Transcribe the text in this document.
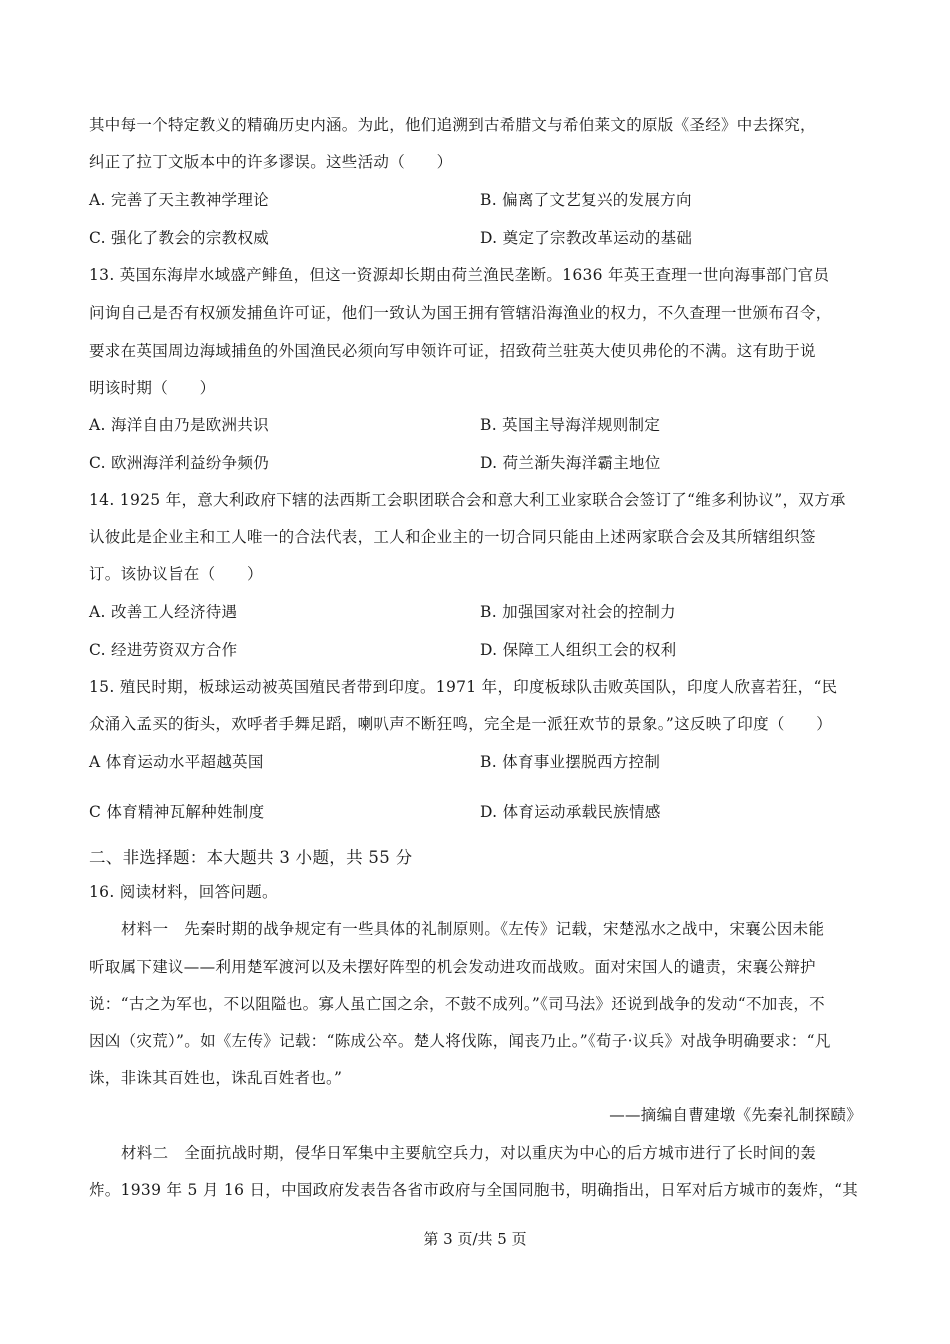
其中每一个特定教义的精确历史内涵。为此，他们追溯到古希腊文与希伯莱文的原版《圣经》中去探究，
纠正了拉丁文版本中的许多谬误。这些活动（　　）
A. 完善了天主教神学理论	B. 偏离了文艺复兴的发展方向
C. 强化了教会的宗教权威	D. 奠定了宗教改革运动的基础
13. 英国东海岸水域盛产鲱鱼，但这一资源却长期由荷兰渔民垄断。1636 年英王查理一世向海事部门官员
问询自己是否有权颁发捕鱼许可证，他们一致认为国王拥有管辖沿海渔业的权力，不久查理一世颁布召令，
要求在英国周边海域捕鱼的外国渔民必须向写申领许可证，招致荷兰驻英大使贝弗伦的不满。这有助于说
明该时期（　　）
A. 海洋自由乃是欧洲共识	B. 英国主导海洋规则制定
C. 欧洲海洋利益纷争频仍	D. 荷兰渐失海洋霸主地位
14. 1925 年，意大利政府下辖的法西斯工会职团联合会和意大利工业家联合会签订了“维多利协议”，双方承
认彼此是企业主和工人唯一的合法代表，工人和企业主的一切合同只能由上述两家联合会及其所辖组织签
订。该协议旨在（　　）
A. 改善工人经济待遇	B. 加强国家对社会的控制力
C. 经进劳资双方合作	D. 保障工人组织工会的权利
15. 殖民时期，板球运动被英国殖民者带到印度。1971 年，印度板球队击败英国队，印度人欣喜若狂，“民
众涌入孟买的街头，欢呼者手舞足蹈，喇叭声不断狂鸣，完全是一派狂欢节的景象。”这反映了印度（　　）
A 体育运动水平超越英国	B. 体育事业摆脱西方控制
C 体育精神瓦解种姓制度	D. 体育运动承载民族情感
二、非选择题：本大题共 3 小题，共 55 分
16. 阅读材料，回答问题。
材料一　先秦时期的战争规定有一些具体的礼制原则。《左传》记载，宋楚泓水之战中，宋襄公因未能
听取属下建议——利用楚军渡河以及未摆好阵型的机会发动进攻而战败。面对宋国人的谴责，宋襄公辩护
说：“古之为军也，不以阻隘也。寡人虽亡国之余，不鼓不成列。”《司马法》还说到战争的发动“不加丧，不
因凶（灾荒）”。如《左传》记载：“陈成公卒。楚人将伐陈，闻丧乃止。”《荀子·议兵》对战争明确要求：“凡
诛，非诛其百姓也，诛乱百姓者也。”
——摘编自曹建墩《先秦礼制探赜》
材料二　全面抗战时期，侵华日军集中主要航空兵力，对以重庆为中心的后方城市进行了长时间的轰
炸。1939 年 5 月 16 日，中国政府发表告各省市政府与全国同胞书，明确指出，日军对后方城市的轰炸，“其
第 3 页/共 5 页
